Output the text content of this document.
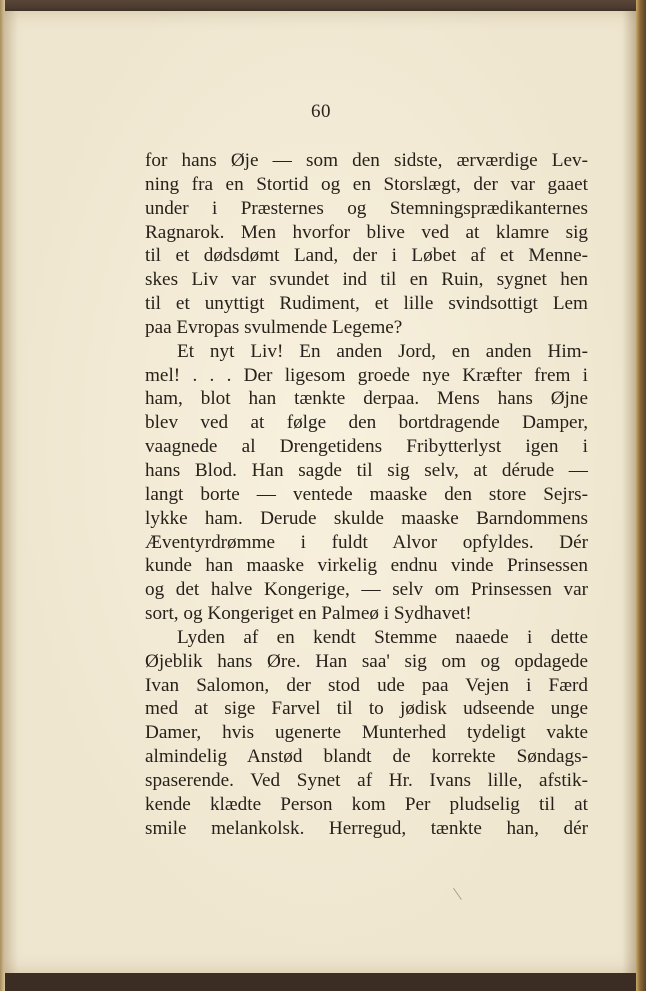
60
for hans Øje — som den sidste, ærværdige Lev-
ning fra en Stortid og en Storslægt, der var gaaet
under i Præsternes og Stemningsprædikanternes
Ragnarok. Men hvorfor blive ved at klamre sig
til et dødsdømt Land, der i Løbet af et Menne-
skes Liv var svundet ind til en Ruin, sygnet hen
til et unyttigt Rudiment, et lille svindsottigt Lem
paa Evropas svulmende Legeme?
Et nyt Liv! En anden Jord, en anden Him-
mel! . . . Der ligesom groede nye Kræfter frem i
ham, blot han tænkte derpaa. Mens hans Øjne
blev ved at følge den bortdragende Damper,
vaagnede al Drengetidens Fribytterlyst igen i
hans Blod. Han sagde til sig selv, at dérude —
langt borte — ventede maaske den store Sejrs-
lykke ham. Derude skulde maaske Barndommens
Æventyrdrømme i fuldt Alvor opfyldes. Dér
kunde han maaske virkelig endnu vinde Prinsessen
og det halve Kongerige, — selv om Prinsessen var
sort, og Kongeriget en Palmeø i Sydhavet!
Lyden af en kendt Stemme naaede i dette
Øjeblik hans Øre. Han saa' sig om og opdagede
Ivan Salomon, der stod ude paa Vejen i Færd
med at sige Farvel til to jødisk udseende unge
Damer, hvis ugenerte Munterhed tydeligt vakte
almindelig Anstød blandt de korrekte Søndags-
spaserende. Ved Synet af Hr. Ivans lille, afstik-
kende klædte Person kom Per pludselig til at
smile melankolsk. Herregud, tænkte han, dér
